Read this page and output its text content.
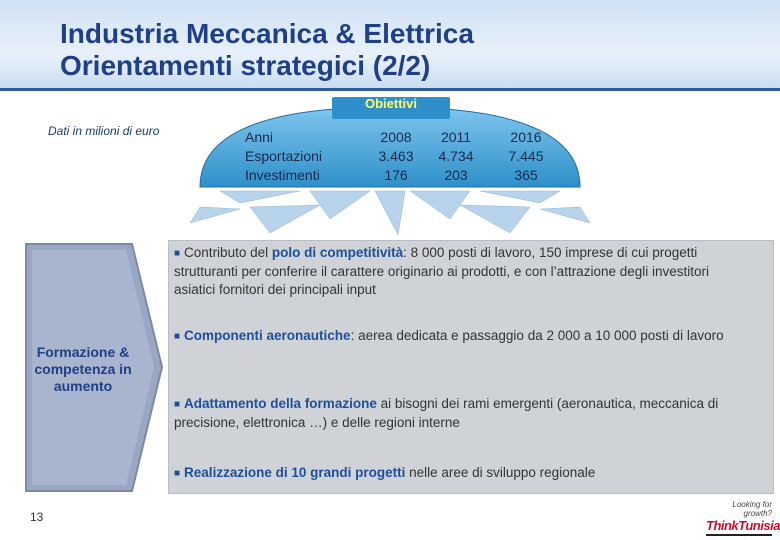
Industria Meccanica & Elettrica
Orientamenti strategici (2/2)
Obiettivi
Dati in milioni di euro	Anni
Esportazioni
Investimenti
2008
3.463
176
2011
4.734
203
2016
7.445
365
Formazione & competenza in aumento
■ Contributo del polo di competitività: 8 000 posti di lavoro, 150 imprese di cui progetti strutturanti per conferire il carattere originario ai prodotti, e con l’attrazione degli investitori asiatici fornitori dei principali input
■ Componenti aeronautiche: aerea dedicata e passaggio da 2 000 a 10 000 posti di lavoro
■ Adattamento della formazione ai bisogni dei rami emergenti (aeronautica, meccanica di precisione, elettronica …) e delle regioni interne
■ Realizzazione di 10 grandi progetti nelle aree di sviluppo regionale
13
Looking for growth?
ThinkTunisia
